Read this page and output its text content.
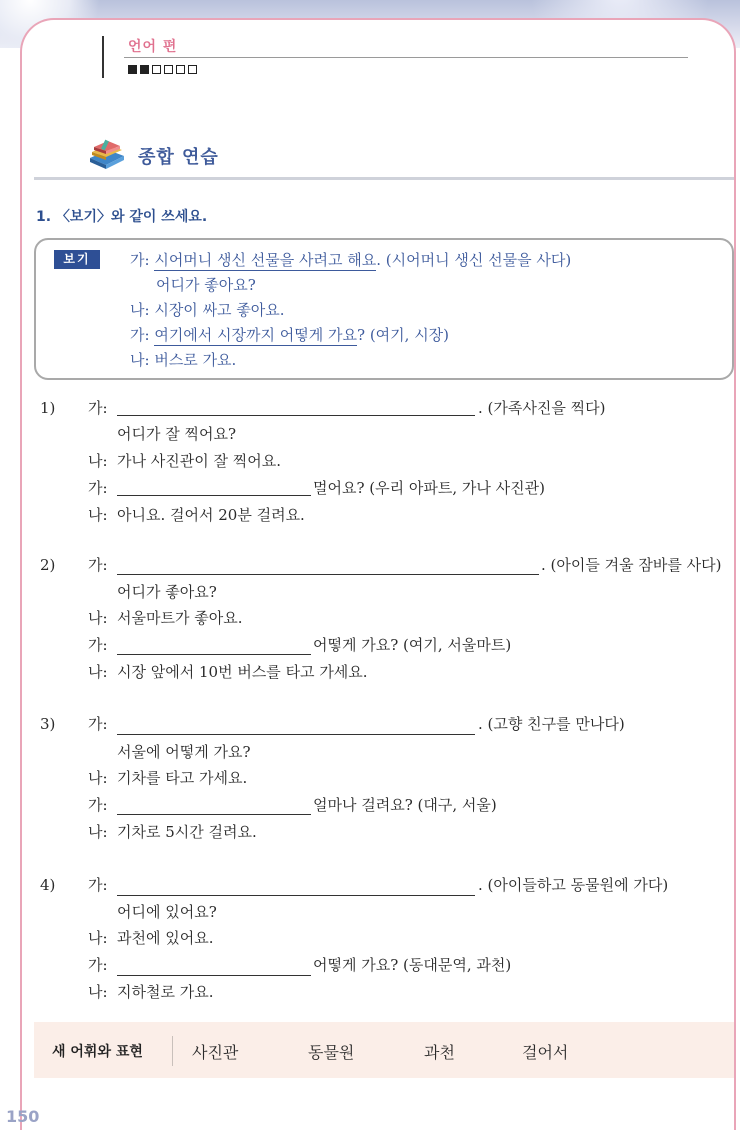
언어 편
종합 연습
1. 〈보기〉와 같이 쓰세요.
보기	가: 시어머니 생신 선물을 사려고 해요. (시어머니 생신 선물을 사다)
어디가 좋아요?
나: 시장이 싸고 좋아요.
가: 여기에서 시장까지 어떻게 가요? (여기, 시장)
나: 버스로 가요.
1) 가:	. (가족사진을 찍다)
어디가 잘 찍어요?
나: 가나 사진관이 잘 찍어요.
가:	멀어요? (우리 아파트, 가나 사진관)
나: 아니요. 걸어서 20분 걸려요.
2) 가:	. (아이들 겨울 잠바를 사다)
어디가 좋아요?
나: 서울마트가 좋아요.
가:	어떻게 가요? (여기, 서울마트)
나: 시장 앞에서 10번 버스를 타고 가세요.
3) 가:	. (고향 친구를 만나다)
서울에 어떻게 가요?
나: 기차를 타고 가세요.
가:	얼마나 걸려요? (대구, 서울)
나: 기차로 5시간 걸려요.
4) 가:	. (아이들하고 동물원에 가다)
어디에 있어요?
나: 과천에 있어요.
가:	어떻게 가요? (동대문역, 과천)
나: 지하철로 가요.
새 어휘와 표현	사진관	동물원	과천	걸어서
150
